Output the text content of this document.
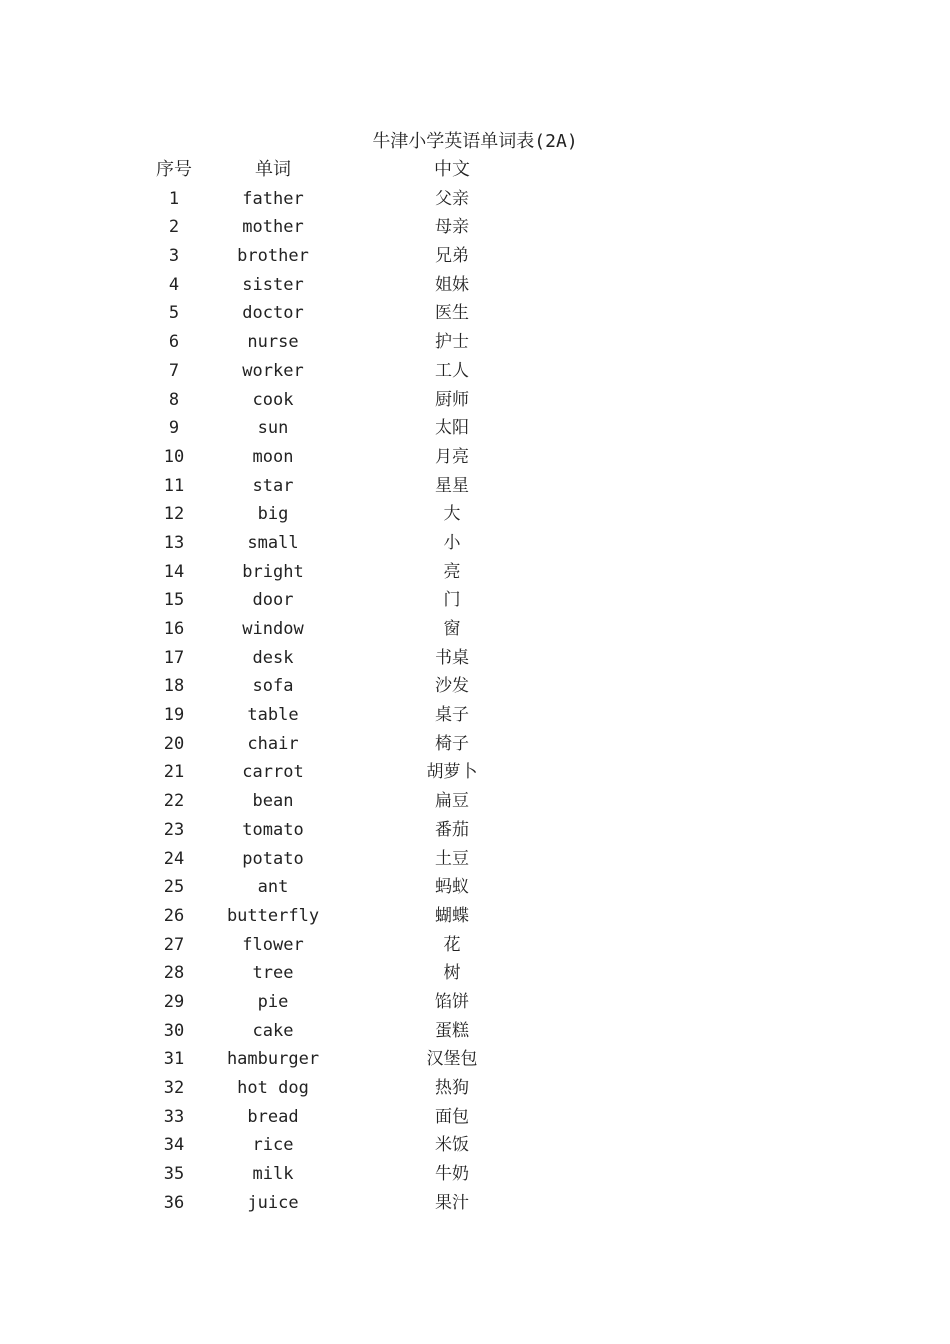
牛津小学英语单词表(2A)
序号	单词	中文
1	father	父亲
2	mother	母亲
3	brother	兄弟
4	sister	姐妹
5	doctor	医生
6	nurse	护士
7	worker	工人
8	cook	厨师
9	sun	太阳
10	moon	月亮
11	star	星星
12	big	大
13	small	小
14	bright	亮
15	door	门
16	window	窗
17	desk	书桌
18	sofa	沙发
19	table	桌子
20	chair	椅子
21	carrot	胡萝卜
22	bean	扁豆
23	tomato	番茄
24	potato	土豆
25	ant	蚂蚁
26	butterfly	蝴蝶
27	flower	花
28	tree	树
29	pie	馅饼
30	cake	蛋糕
31	hamburger	汉堡包
32	hot dog	热狗
33	bread	面包
34	rice	米饭
35	milk	牛奶
36	juice	果汁
